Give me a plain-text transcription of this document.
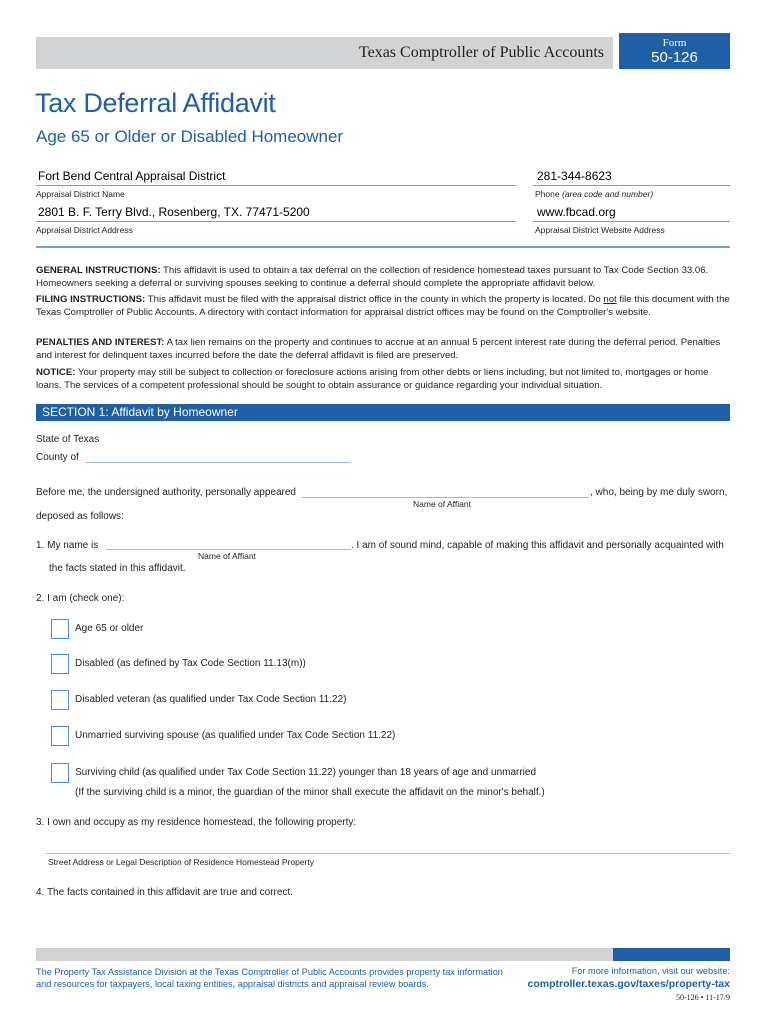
Texas Comptroller of Public Accounts
Form
50-126
Tax Deferral Affidavit
Age 65 or Older or Disabled Homeowner
Fort Bend Central Appraisal District
Appraisal District Name
281-344-8623
Phone (area code and number)
2801 B. F. Terry Blvd., Rosenberg, TX. 77471-5200
Appraisal District Address
www.fbcad.org
Appraisal District Website Address
GENERAL INSTRUCTIONS: This affidavit is used to obtain a tax deferral on the collection of residence homestead taxes pursuant to Tax Code Section 33.06. Homeowners seeking a deferral or surviving spouses seeking to continue a deferral should complete the appropriate affidavit below.
FILING INSTRUCTIONS: This affidavit must be filed with the appraisal district office in the county in which the property is located. Do not file this document with the Texas Comptroller of Public Accounts. A directory with contact information for appraisal district offices may be found on the Comptroller's website.
PENALTIES AND INTEREST: A tax lien remains on the property and continues to accrue at an annual 5 percent interest rate during the deferral period. Penalties and interest for delinquent taxes incurred before the date the deferral affidavit is filed are preserved.
NOTICE: Your property may still be subject to collection or foreclosure actions arising from other debts or liens including, but not limited to, mortgages or home loans. The services of a competent professional should be sought to obtain assurance or guidance regarding your individual situation.
SECTION 1: Affidavit by Homeowner
State of Texas
County of
Before me, the undersigned authority, personally appeared	, who, being by me duly sworn,
Name of Affiant
deposed as follows:
1. My name is	. I am of sound mind, capable of making this affidavit and personally acquainted with
Name of Affiant
the facts stated in this affidavit.
2. I am (check one):
Age 65 or older
Disabled (as defined by Tax Code Section 11.13(m))
Disabled veteran (as qualified under Tax Code Section 11.22)
Unmarried surviving spouse (as qualified under Tax Code Section 11.22)
Surviving child (as qualified under Tax Code Section 11.22) younger than 18 years of age and unmarried
(If the surviving child is a minor, the guardian of the minor shall execute the affidavit on the minor's behalf.)
3. I own and occupy as my residence homestead, the following property:
Street Address or Legal Description of Residence Homestead Property
4. The facts contained in this affidavit are true and correct.
The Property Tax Assistance Division at the Texas Comptroller of Public Accounts provides property tax information and resources for taxpayers, local taxing entities, appraisal districts and appraisal review boards.
For more information, visit our website:
comptroller.texas.gov/taxes/property-tax
50-126 • 11-17/9
